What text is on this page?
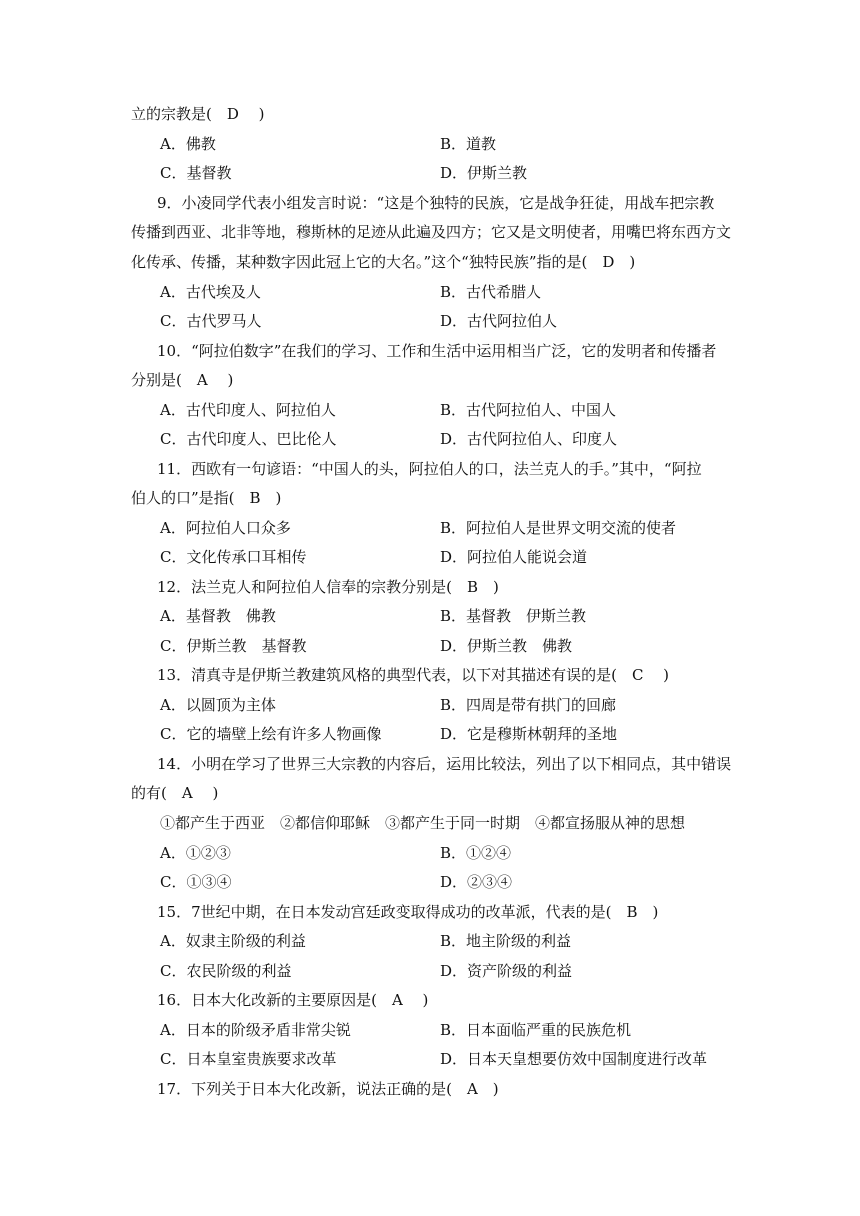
立的宗教是(　D　 )
A．佛教	B．道教
C．基督教	D．伊斯兰教
9．小凌同学代表小组发言时说：“这是个独特的民族，它是战争狂徒，用战车把宗教
传播到西亚、北非等地，穆斯林的足迹从此遍及四方；它又是文明使者，用嘴巴将东西方文
化传承、传播，某种数字因此冠上它的大名。”这个“独特民族”指的是(　D　)
A．古代埃及人	B．古代希腊人
C．古代罗马人	D．古代阿拉伯人
10．“阿拉伯数字”在我们的学习、工作和生活中运用相当广泛，它的发明者和传播者
分别是(　A　 )
A．古代印度人、阿拉伯人	B．古代阿拉伯人、中国人
C．古代印度人、巴比伦人	D．古代阿拉伯人、印度人
11．西欧有一句谚语：“中国人的头，阿拉伯人的口，法兰克人的手。”其中，“阿拉
伯人的口”是指(　B　)
A．阿拉伯人口众多	B．阿拉伯人是世界文明交流的使者
C．文化传承口耳相传	D．阿拉伯人能说会道
12．法兰克人和阿拉伯人信奉的宗教分别是(　B　)
A．基督教　佛教	B．基督教　伊斯兰教
C．伊斯兰教　基督教	D．伊斯兰教　佛教
13．清真寺是伊斯兰教建筑风格的典型代表，以下对其描述有误的是(　C　 )
A．以圆顶为主体	B．四周是带有拱门的回廊
C．它的墙壁上绘有许多人物画像	D．它是穆斯林朝拜的圣地
14．小明在学习了世界三大宗教的内容后，运用比较法，列出了以下相同点，其中错误
的有(　A　 )
①都产生于西亚　②都信仰耶稣　③都产生于同一时期　④都宣扬服从神的思想
A．①②③	B．①②④
C．①③④	D．②③④
15．7世纪中期，在日本发动宫廷政变取得成功的改革派，代表的是(　B　)
A．奴隶主阶级的利益	B．地主阶级的利益
C．农民阶级的利益	D．资产阶级的利益
16．日本大化改新的主要原因是(　A　 )
A．日本的阶级矛盾非常尖锐	B．日本面临严重的民族危机
C．日本皇室贵族要求改革	D．日本天皇想要仿效中国制度进行改革
17．下列关于日本大化改新，说法正确的是(　A　)
